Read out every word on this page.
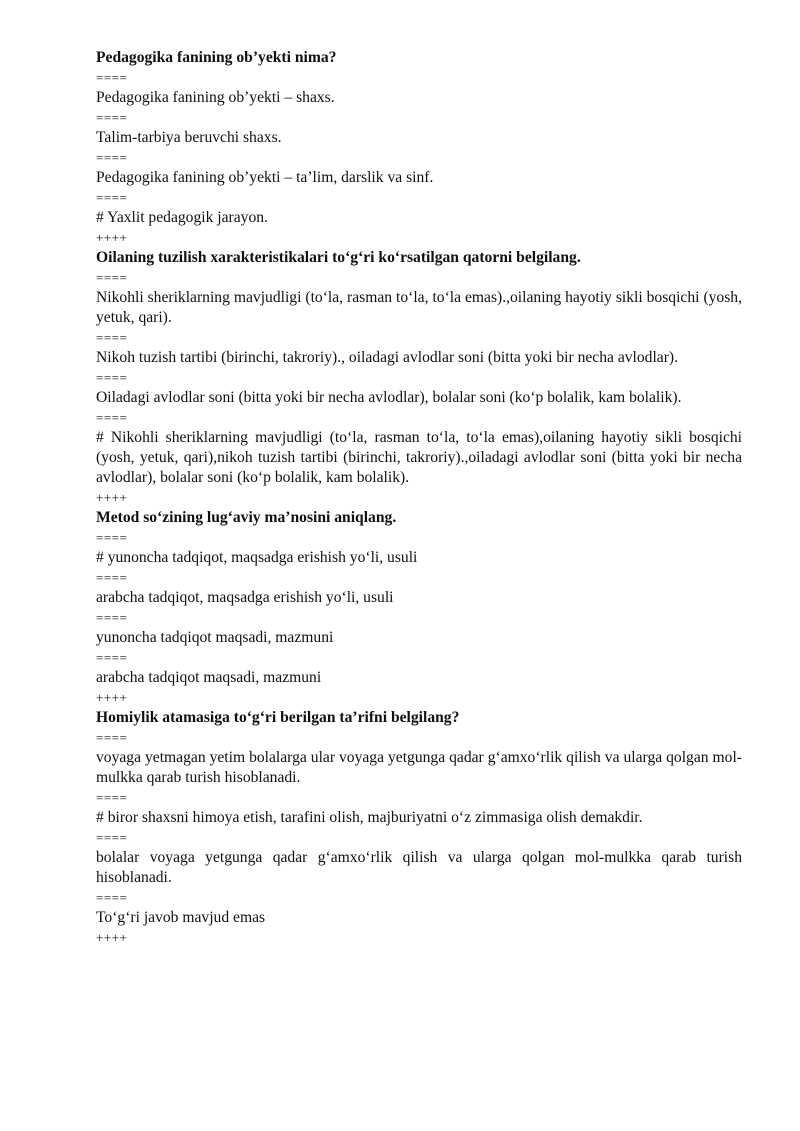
Pedagogika fanining ob’yekti nima?

====

Pedagogika fanining ob’yekti – shaxs.

====

Talim-tarbiya beruvchi shaxs.

====

Pedagogika fanining ob’yekti – ta’lim, darslik va sinf.

====

# Yaxlit pedagogik jarayon.

++++

Oilaning tuzilish xarakteristikalari to‘g‘ri ko‘rsatilgan qatorni belgilang.

====

Nikohli sheriklarning mavjudligi (to‘la, rasman to‘la, to‘la emas).,oilaning hayotiy sikli bosqichi (yosh, yetuk, qari).

====

Nikoh tuzish tartibi (birinchi, takroriy)., oiladagi avlodlar soni (bitta yoki bir necha avlodlar).

====

Oiladagi avlodlar soni (bitta yoki bir necha avlodlar), bolalar soni (ko‘p bolalik, kam bolalik).

====

# Nikohli sheriklarning mavjudligi (to‘la, rasman to‘la, to‘la emas),oilaning hayotiy sikli bosqichi (yosh, yetuk, qari),nikoh tuzish tartibi (birinchi, takroriy).,oiladagi avlodlar soni (bitta yoki bir necha avlodlar), bolalar soni (ko‘p bolalik, kam bolalik).

++++

Metod so‘zining lug‘aviy ma’nosini aniqlang.

====

# yunoncha tadqiqot, maqsadga erishish yo‘li, usuli

====

arabcha tadqiqot, maqsadga erishish yo‘li, usuli

====

yunoncha tadqiqot maqsadi, mazmuni

====

arabcha tadqiqot maqsadi, mazmuni

++++

Homiylik atamasiga to‘g‘ri berilgan ta’rifni belgilang?

====

voyaga yetmagan yetim bolalarga ular voyaga yetgunga qadar g‘amxo‘rlik qilish va ularga qolgan mol-mulkka qarab turish hisoblanadi.

====

# biror shaxsni himoya etish, tarafini olish, majburiyatni o‘z zimmasiga olish demakdir.

====

bolalar voyaga yetgunga qadar g‘amxo‘rlik qilish va ularga qolgan mol-mulkka qarab turish hisoblanadi.

====

To‘g‘ri javob mavjud emas

++++
